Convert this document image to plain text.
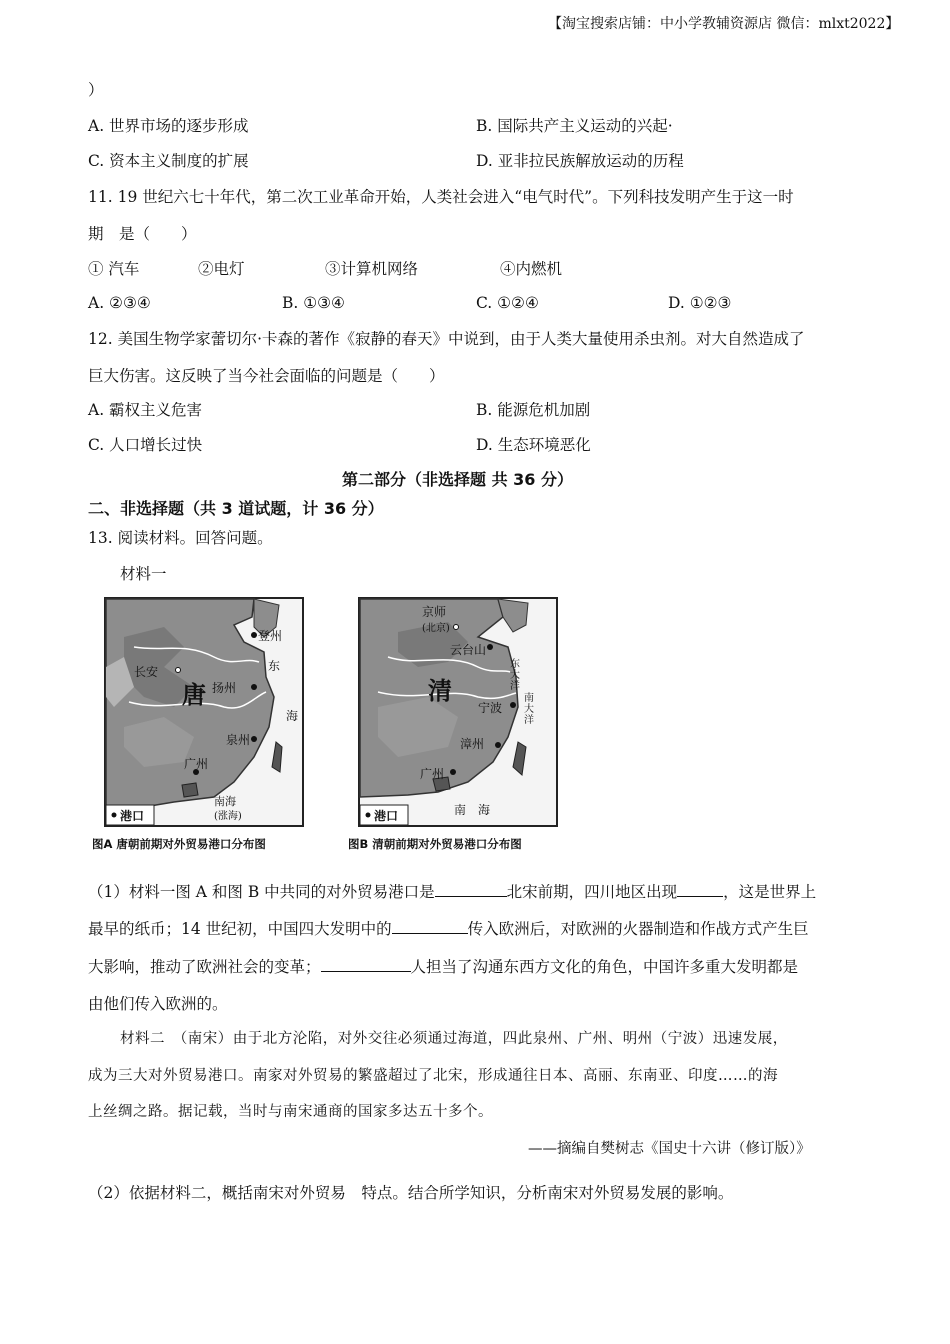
【淘宝搜索店铺：中小学教辅资源店 微信：mlxt2022】
）
A. 世界市场的逐步形成	B. 国际共产主义运动的兴起·
C. 资本主义制度的扩展	D. 亚非拉民族解放运动的历程
11. 19 世纪六七十年代，第二次工业革命开始，人类社会进入“电气时代”。下列科技发明产生于这一时
期　是（　　）
① 汽车	②电灯	③计算机网络	④内燃机
A. ②③④	B. ①③④	C. ①②④	D. ①②③
12. 美国生物学家蕾切尔·卡森的著作《寂静的春天》中说到，由于人类大量使用杀虫剂。对大自然造成了
巨大伤害。这反映了当今社会面临的问题是（　　）
A. 霸权主义危害	B. 能源危机加剧
C. 人口增长过快	D. 生态环境恶化
第二部分（非选择题 共 36 分）
二、非选择题（共 3 道试题，计 36 分）
13. 阅读材料。回答问题。
材料一
唐
登州
长安
扬州
泉州
广州
东
海
南海
(涨海)
港口
图A 唐朝前期对外贸易港口分布图
清
京师
(北京)
云台山
宁波
漳州
广州
东大洋
南大洋
南　海
港口
图B 清朝前期对外贸易港口分布图
（1）材料一图 A 和图 B 中共同的对外贸易港口是	北宋前期，四川地区出现	，这是世界上
最早的纸币；14 世纪初，中国四大发明中的	传入欧洲后，对欧洲的火器制造和作战方式产生巨
大影响，推动了欧洲社会的变革；	人担当了沟通东西方文化的角色，中国许多重大发明都是
由他们传入欧洲的。
材料二　（南宋）由于北方沦陷，对外交往必须通过海道，四此泉州、广州、明州（宁波）迅速发展，
成为三大对外贸易港口。南家对外贸易的繁盛超过了北宋，形成通往日本、高丽、东南亚、印度……的海
上丝绸之路。据记载，当时与南宋通商的国家多达五十多个。
——摘编自樊树志《国史十六讲（修订版）》
（2）依据材料二，概括南宋对外贸易　特点。结合所学知识，分析南宋对外贸易发展的影响。
